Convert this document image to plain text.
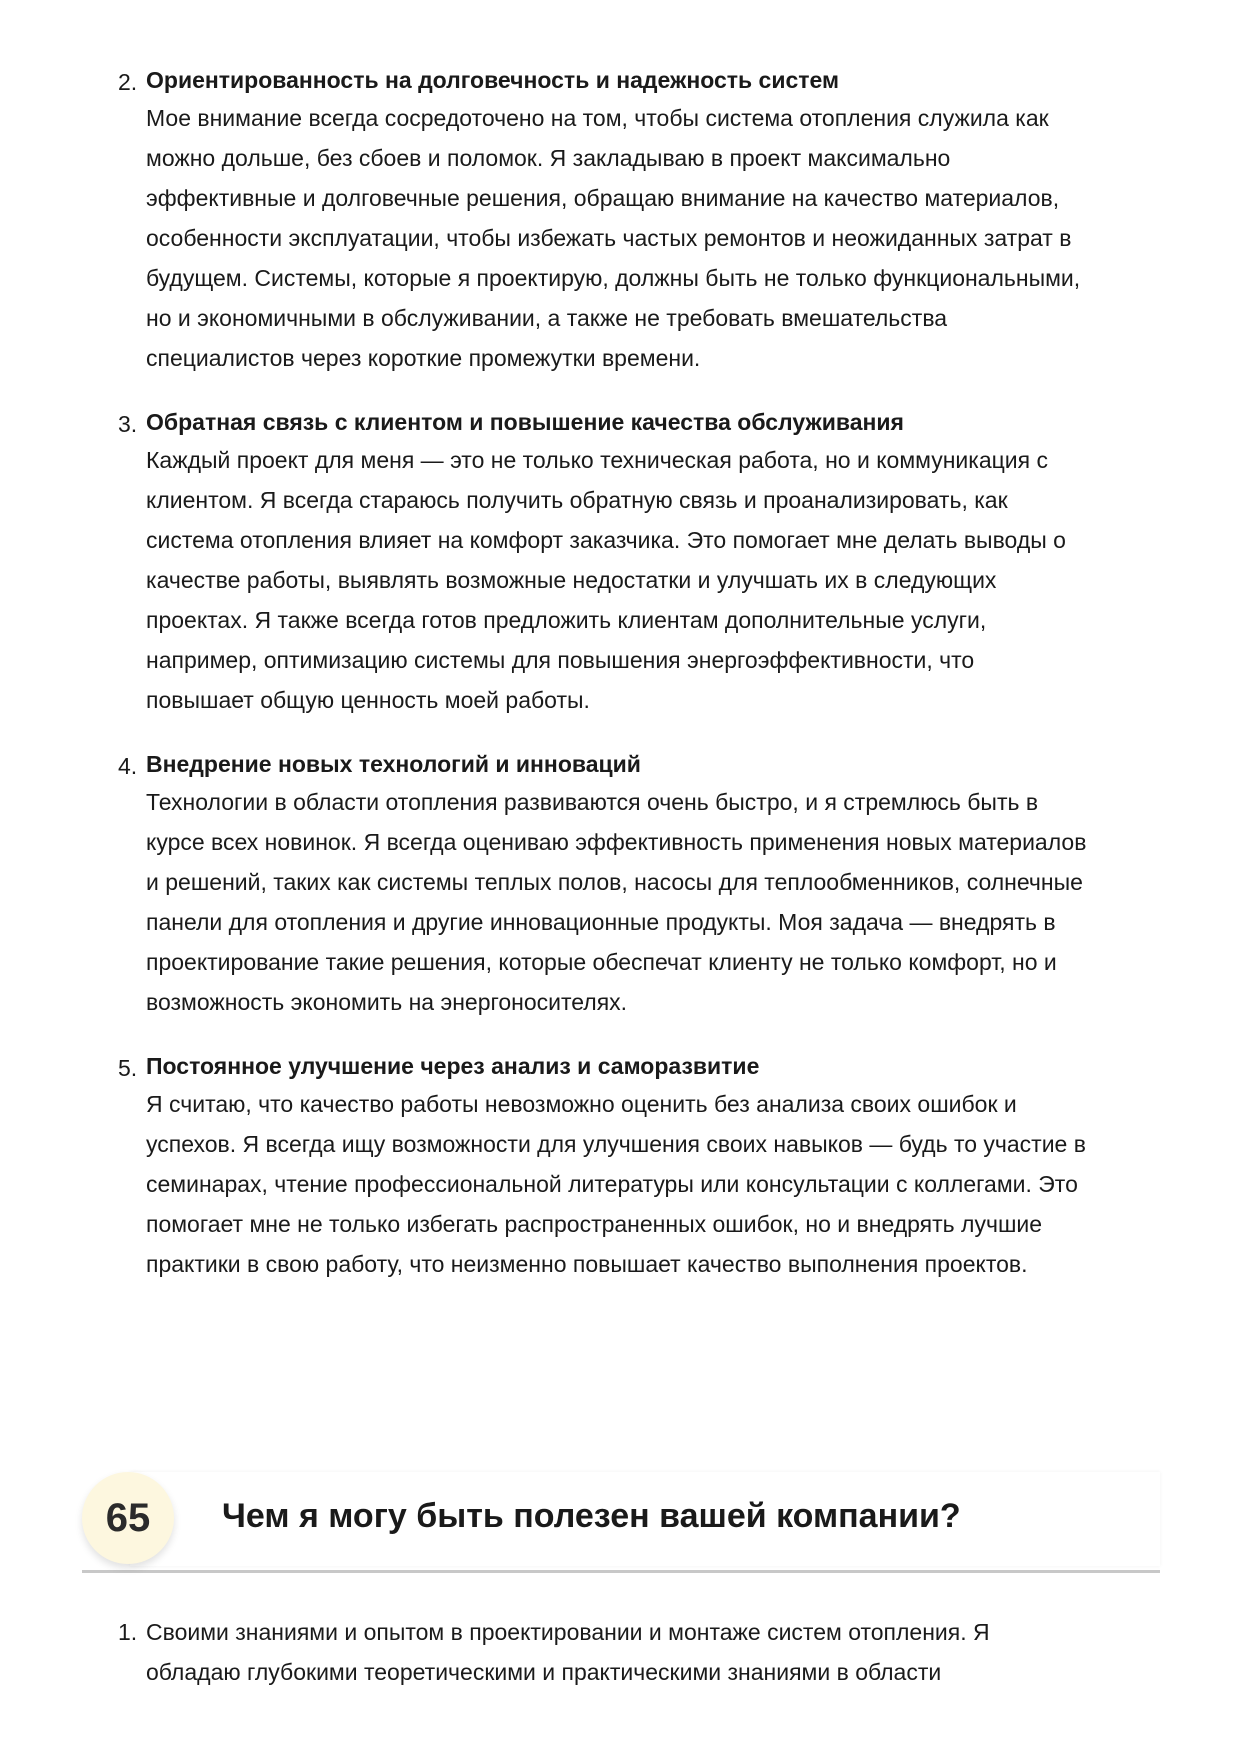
2. Ориентированность на долговечность и надежность систем
Мое внимание всегда сосредоточено на том, чтобы система отопления служила как
можно дольше, без сбоев и поломок. Я закладываю в проект максимально
эффективные и долговечные решения, обращаю внимание на качество материалов,
особенности эксплуатации, чтобы избежать частых ремонтов и неожиданных затрат в
будущем. Системы, которые я проектирую, должны быть не только функциональными,
но и экономичными в обслуживании, а также не требовать вмешательства
специалистов через короткие промежутки времени.
3. Обратная связь с клиентом и повышение качества обслуживания
Каждый проект для меня — это не только техническая работа, но и коммуникация с
клиентом. Я всегда стараюсь получить обратную связь и проанализировать, как
система отопления влияет на комфорт заказчика. Это помогает мне делать выводы о
качестве работы, выявлять возможные недостатки и улучшать их в следующих
проектах. Я также всегда готов предложить клиентам дополнительные услуги,
например, оптимизацию системы для повышения энергоэффективности, что
повышает общую ценность моей работы.
4. Внедрение новых технологий и инноваций
Технологии в области отопления развиваются очень быстро, и я стремлюсь быть в
курсе всех новинок. Я всегда оцениваю эффективность применения новых материалов
и решений, таких как системы теплых полов, насосы для теплообменников, солнечные
панели для отопления и другие инновационные продукты. Моя задача — внедрять в
проектирование такие решения, которые обеспечат клиенту не только комфорт, но и
возможность экономить на энергоносителях.
5. Постоянное улучшение через анализ и саморазвитие
Я считаю, что качество работы невозможно оценить без анализа своих ошибок и
успехов. Я всегда ищу возможности для улучшения своих навыков — будь то участие в
семинарах, чтение профессиональной литературы или консультации с коллегами. Это
помогает мне не только избегать распространенных ошибок, но и внедрять лучшие
практики в свою работу, что неизменно повышает качество выполнения проектов.
65	Чем я могу быть полезен вашей компании?
1. Своими знаниями и опытом в проектировании и монтаже систем отопления. Я
обладаю глубокими теоретическими и практическими знаниями в области
